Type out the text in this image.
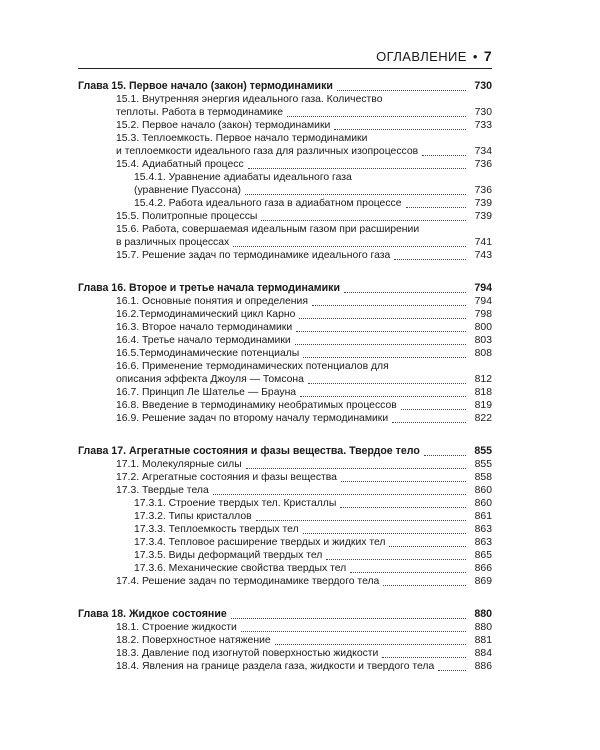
ОГЛАВЛЕНИЕ • 7
Глава 15. Первое начало (закон) термодинамики	730
15.1. Внутренняя энергия идеального газа. Количество
теплоты. Работа в термодинамике	730
15.2. Первое начало (закон) термодинамики	733
15.3. Теплоемкость. Первое начало термодинамики
и теплоемкости идеального газа для различных изопроцессов	734
15.4. Адиабатный процесс	736
15.4.1. Уравнение адиабаты идеального газа
(уравнение Пуассона)	736
15.4.2. Работа идеального газа в адиабатном процессе	739
15.5. Политропные процессы	739
15.6. Работа, совершаемая идеальным газом при расширении
в различных процессах	741
15.7. Решение задач по термодинамике идеального газа	743
Глава 16. Второе и третье начала термодинамики	794
16.1. Основные понятия и определения	794
16.2.Термодинамический цикл Карно	798
16.3. Второе начало термодинамики	800
16.4. Третье начало термодинамики	803
16.5.Термодинамические потенциалы	808
16.6. Применение термодинамических потенциалов для
описания эффекта Джоуля — Томсона	812
16.7. Принцип Ле Шателье — Брауна	818
16.8. Введение в термодинамику необратимых процессов	819
16.9. Решение задач по второму началу термодинамики	822
Глава 17. Агрегатные состояния и фазы вещества. Твердое тело	855
17.1. Молекулярные силы	855
17.2. Агрегатные состояния и фазы вещества	858
17.3. Твердые тела	860
17.3.1. Строение твердых тел. Кристаллы	860
17.3.2. Типы кристаллов	861
17.3.3. Теплоемкость твердых тел	863
17.3.4. Тепловое расширение твердых и жидких тел	863
17.3.5. Виды деформаций твердых тел	865
17.3.6. Механические свойства твердых тел	866
17.4. Решение задач по термодинамике твердого тела	869
Глава 18. Жидкое состояние	880
18.1. Строение жидкости	880
18.2. Поверхностное натяжение	881
18.3. Давление под изогнутой поверхностью жидкости	884
18.4. Явления на границе раздела газа, жидкости и твердого тела	886
